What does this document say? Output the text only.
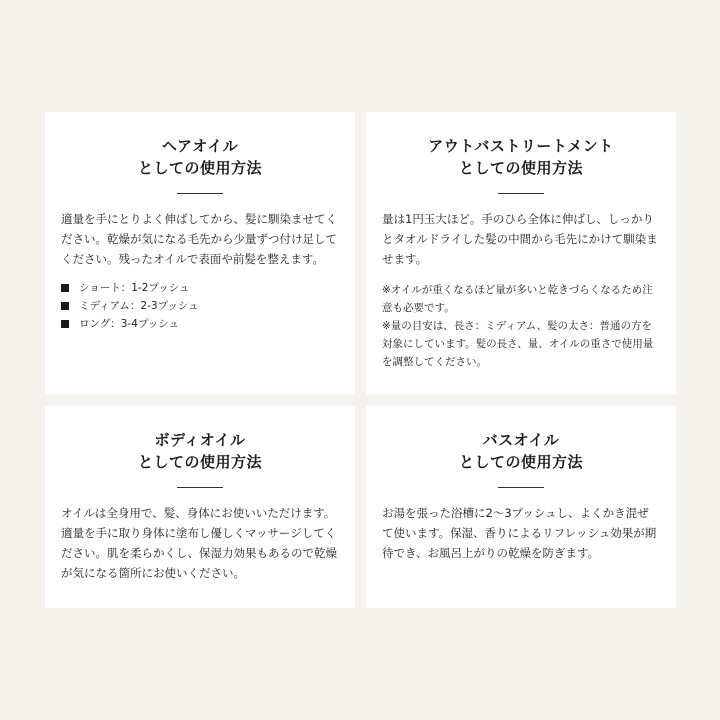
ヘアオイル
としての使用方法

適量を手にとりよく伸ばしてから、髪に馴染ませてください。乾燥が気になる毛先から少量ずつ付け足してください。残ったオイルで表面や前髪を整えます。

ショート：1-2プッシュ
ミディアム：2-3プッシュ
ロング：3-4プッシュ
アウトバストリートメント
としての使用方法

量は1円玉大ほど。手のひら全体に伸ばし、しっかりとタオルドライした髪の中間から毛先にかけて馴染ませます。

※オイルが重くなるほど量が多いと乾きづらくなるため注意も必要です。

※量の目安は、長さ：ミディアム、髪の太さ：普通の方を対象にしています。髪の長さ、量、オイルの重さで使用量を調整してください。

ボディオイル
としての使用方法

オイルは全身用で、髪、身体にお使いいただけます。適量を手に取り身体に塗布し優しくマッサージしてください。肌を柔らかくし、保湿力効果もあるので乾燥が気になる箇所にお使いください。

バスオイル
としての使用方法

お湯を張った浴槽に2〜3プッシュし、よくかき混ぜて使います。保湿、香りによるリフレッシュ効果が期待でき、お風呂上がりの乾燥を防ぎます。
